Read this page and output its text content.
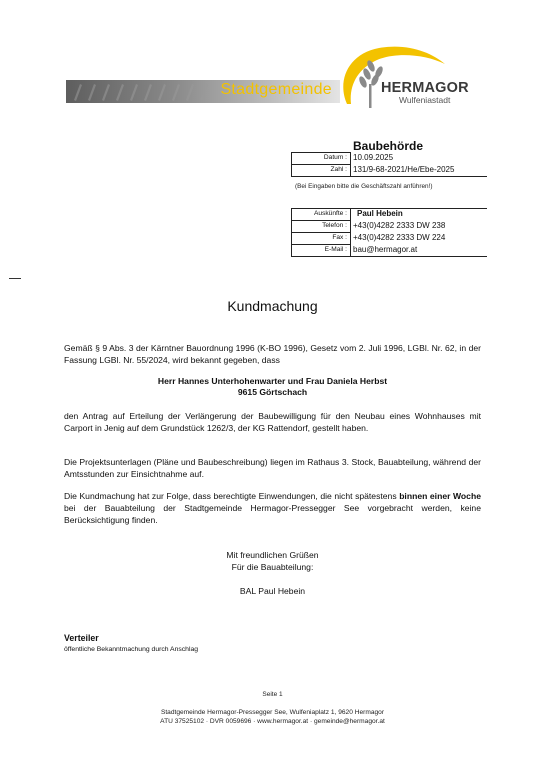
Stadtgemeinde	HERMAGOR
Wulfeniastadt
Baubehörde
Datum : 10.09.2025
Zahl : 131/9-68-2021/He/Ebe-2025
(Bei Eingaben bitte die Geschäftszahl anführen!)
Auskünfte : Paul Hebein
Telefon : +43(0)4282 2333 DW 238
Fax : +43(0)4282 2333 DW 224
E-Mail : bau@hermagor.at
Kundmachung
Gemäß § 9 Abs. 3 der Kärntner Bauordnung 1996 (K-BO 1996), Gesetz vom 2. Juli 1996, LGBl. Nr. 62, in der Fassung LGBl. Nr. 55/2024, wird bekannt gegeben, dass
Herr Hannes Unterhohenwarter und Frau Daniela Herbst
9615 Görtschach
den Antrag auf Erteilung der Verlängerung der Baubewilligung für den Neubau eines Wohnhauses mit Carport in Jenig auf dem Grundstück 1262/3, der KG Rattendorf, gestellt haben.
Die Projektsunterlagen (Pläne und Baubeschreibung) liegen im Rathaus 3. Stock, Bauabteilung, während der Amtsstunden zur Einsichtnahme auf.
Die Kundmachung hat zur Folge, dass berechtigte Einwendungen, die nicht spätestens binnen einer Woche bei der Bauabteilung der Stadtgemeinde Hermagor-Pressegger See vorgebracht werden, keine Berücksichtigung finden.
Mit freundlichen Grüßen
Für die Bauabteilung:
BAL Paul Hebein
Verteiler
öffentliche Bekanntmachung durch Anschlag
Seite 1
Stadtgemeinde Hermagor-Pressegger See, Wulfeniaplatz 1, 9620 Hermagor
ATU 37525102 · DVR 0059696 · www.hermagor.at · gemeinde@hermagor.at
